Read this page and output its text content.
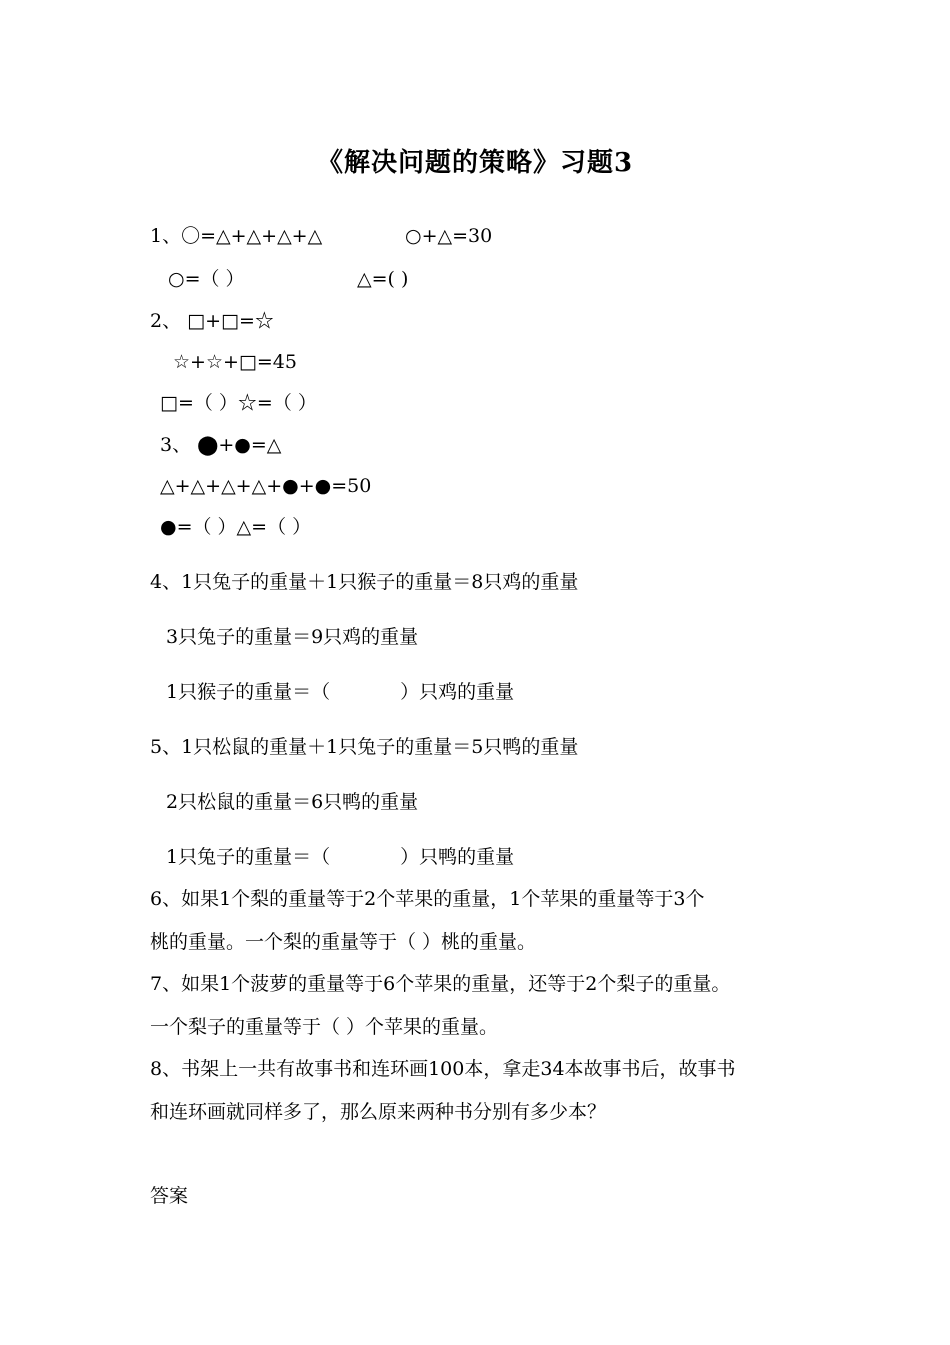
《解决问题的策略》习题3
1、〇=△+△+△+△	○+△=30
○=（ ）	△=( )
2、 □+□=☆
☆+☆+□=45
□=（ ）☆=（ ）
3、 ⬤+●=△
△+△+△+△+●+●=50
●=（ ）△=（ ）
4、1只兔子的重量＋1只猴子的重量＝8只鸡的重量
3只兔子的重量＝9只鸡的重量
1只猴子的重量＝（	）只鸡的重量
5、1只松鼠的重量＋1只兔子的重量＝5只鸭的重量
2只松鼠的重量＝6只鸭的重量
1只兔子的重量＝（	）只鸭的重量
6、如果1个梨的重量等于2个苹果的重量，1个苹果的重量等于3个
桃的重量。一个梨的重量等于（ ）桃的重量。
7、如果1个菠萝的重量等于6个苹果的重量，还等于2个梨子的重量。
一个梨子的重量等于（ ）个苹果的重量。
8、书架上一共有故事书和连环画100本，拿走34本故事书后，故事书
和连环画就同样多了，那么原来两种书分别有多少本？
答案
